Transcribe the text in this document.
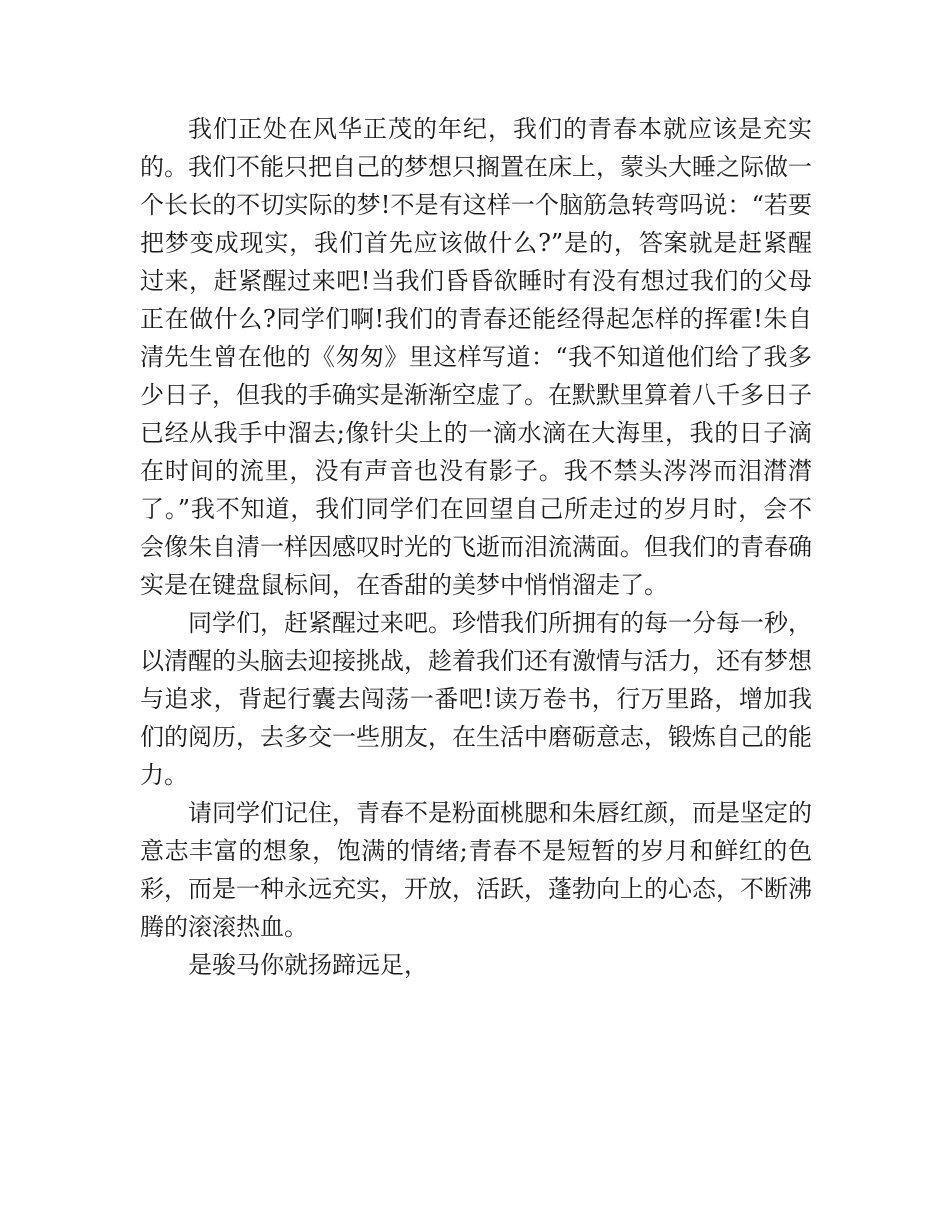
我们正处在风华正茂的年纪，我们的青春本就应该是充实的。我们不能只把自己的梦想只搁置在床上，蒙头大睡之际做一个长长的不切实际的梦!不是有这样一个脑筋急转弯吗说：“若要把梦变成现实，我们首先应该做什么?”是的，答案就是赶紧醒过来，赶紧醒过来吧!当我们昏昏欲睡时有没有想过我们的父母正在做什么?同学们啊!我们的青春还能经得起怎样的挥霍!朱自清先生曾在他的《匆匆》里这样写道：“我不知道他们给了我多少日子，但我的手确实是渐渐空虚了。在默默里算着八千多日子已经从我手中溜去;像针尖上的一滴水滴在大海里，我的日子滴在时间的流里，没有声音也没有影子。我不禁头涔涔而泪潸潸了。”我不知道，我们同学们在回望自己所走过的岁月时，会不会像朱自清一样因感叹时光的飞逝而泪流满面。但我们的青春确实是在键盘鼠标间，在香甜的美梦中悄悄溜走了。

同学们，赶紧醒过来吧。珍惜我们所拥有的每一分每一秒，以清醒的头脑去迎接挑战，趁着我们还有激情与活力，还有梦想与追求，背起行囊去闯荡一番吧!读万卷书，行万里路，增加我们的阅历，去多交一些朋友，在生活中磨砺意志，锻炼自己的能力。

请同学们记住，青春不是粉面桃腮和朱唇红颜，而是坚定的意志丰富的想象，饱满的情绪;青春不是短暂的岁月和鲜红的色彩，而是一种永远充实，开放，活跃，蓬勃向上的心态，不断沸腾的滚滚热血。

是骏马你就扬蹄远足，
